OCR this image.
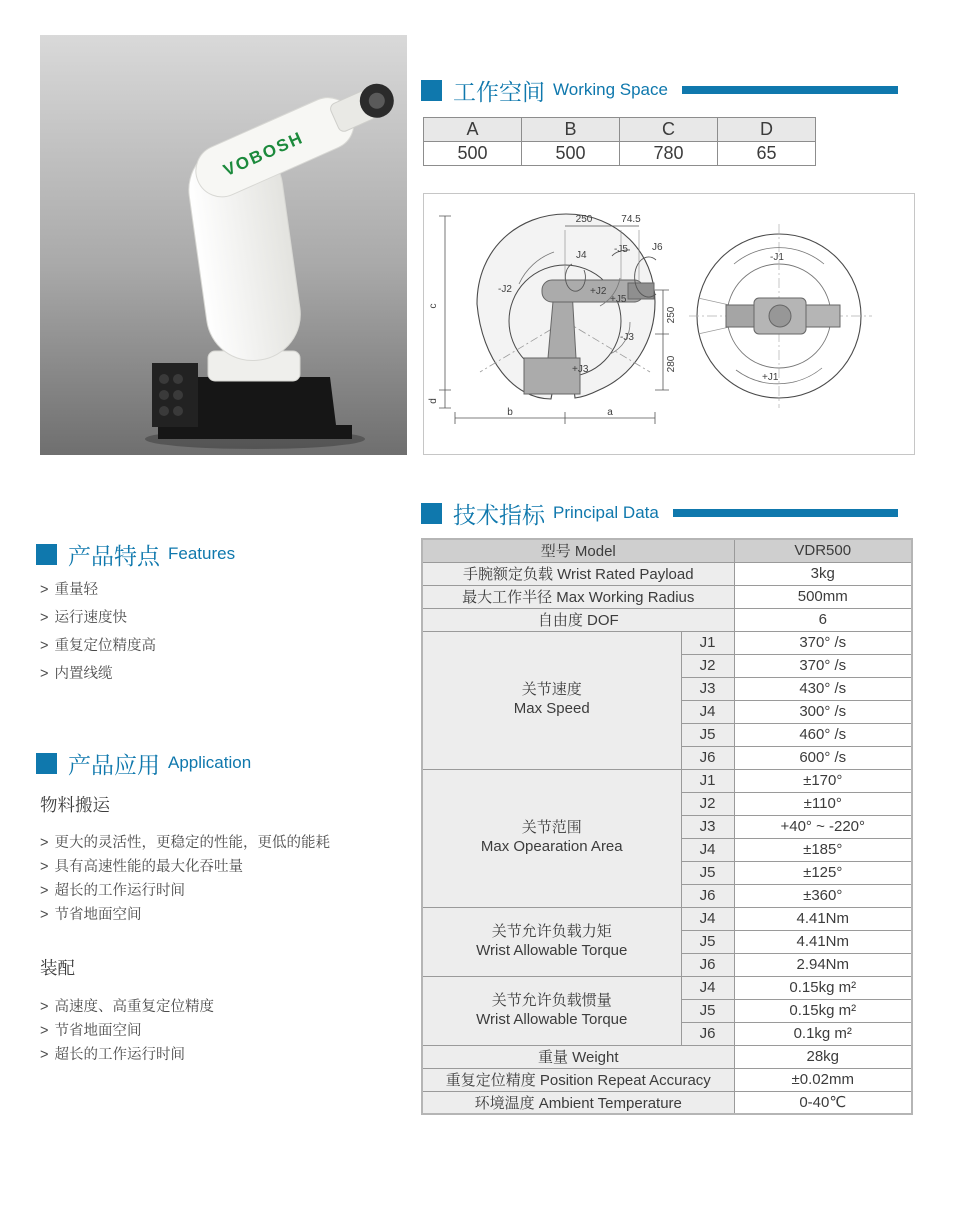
VOBOSH
工作空间 Working Space
A	B	C	D
500	500	780	65
250	74.5
250
280
c
d
b	a
J4
-J5 J6
-J2	+J2
+J5
-J3
+J3
-J1
+J1
产品特点 Features
> 重量轻
> 运行速度快
> 重复定位精度高
> 内置线缆
产品应用 Application
物料搬运
> 更大的灵活性，更稳定的性能，更低的能耗
> 具有高速性能的最大化吞吐量
> 超长的工作运行时间
> 节省地面空间
装配
> 高速度、高重复定位精度
> 节省地面空间
> 超长的工作运行时间
技术指标 Principal Data
型号 Model		VDR500
手腕额定负载 Wrist Rated Payload		3kg
最大工作半径 Max Working Radius		500mm
自由度 DOF		6

关节速度
Max Speed	J1	370° /s
	J2	370° /s
	J3	430° /s
	J4	300° /s
	J5	460° /s
	J6	600° /s

关节范围
Max Opearation Area	J1	±170°
	J2	±110°
	J3	+40° ~ -220°
	J4	±185°
	J5	±125°
	J6	±360°

关节允许负载力矩
Wrist Allowable Torque	J4	4.41Nm
	J5	4.41Nm
	J6	2.94Nm

关节允许负载惯量
Wrist Allowable Torque	J4	0.15kg m²
	J5	0.15kg m²
	J6	0.1kg m²
重量 Weight		28kg
重复定位精度 Position Repeat Accuracy		±0.02mm
环境温度 Ambient Temperature		0-40℃
